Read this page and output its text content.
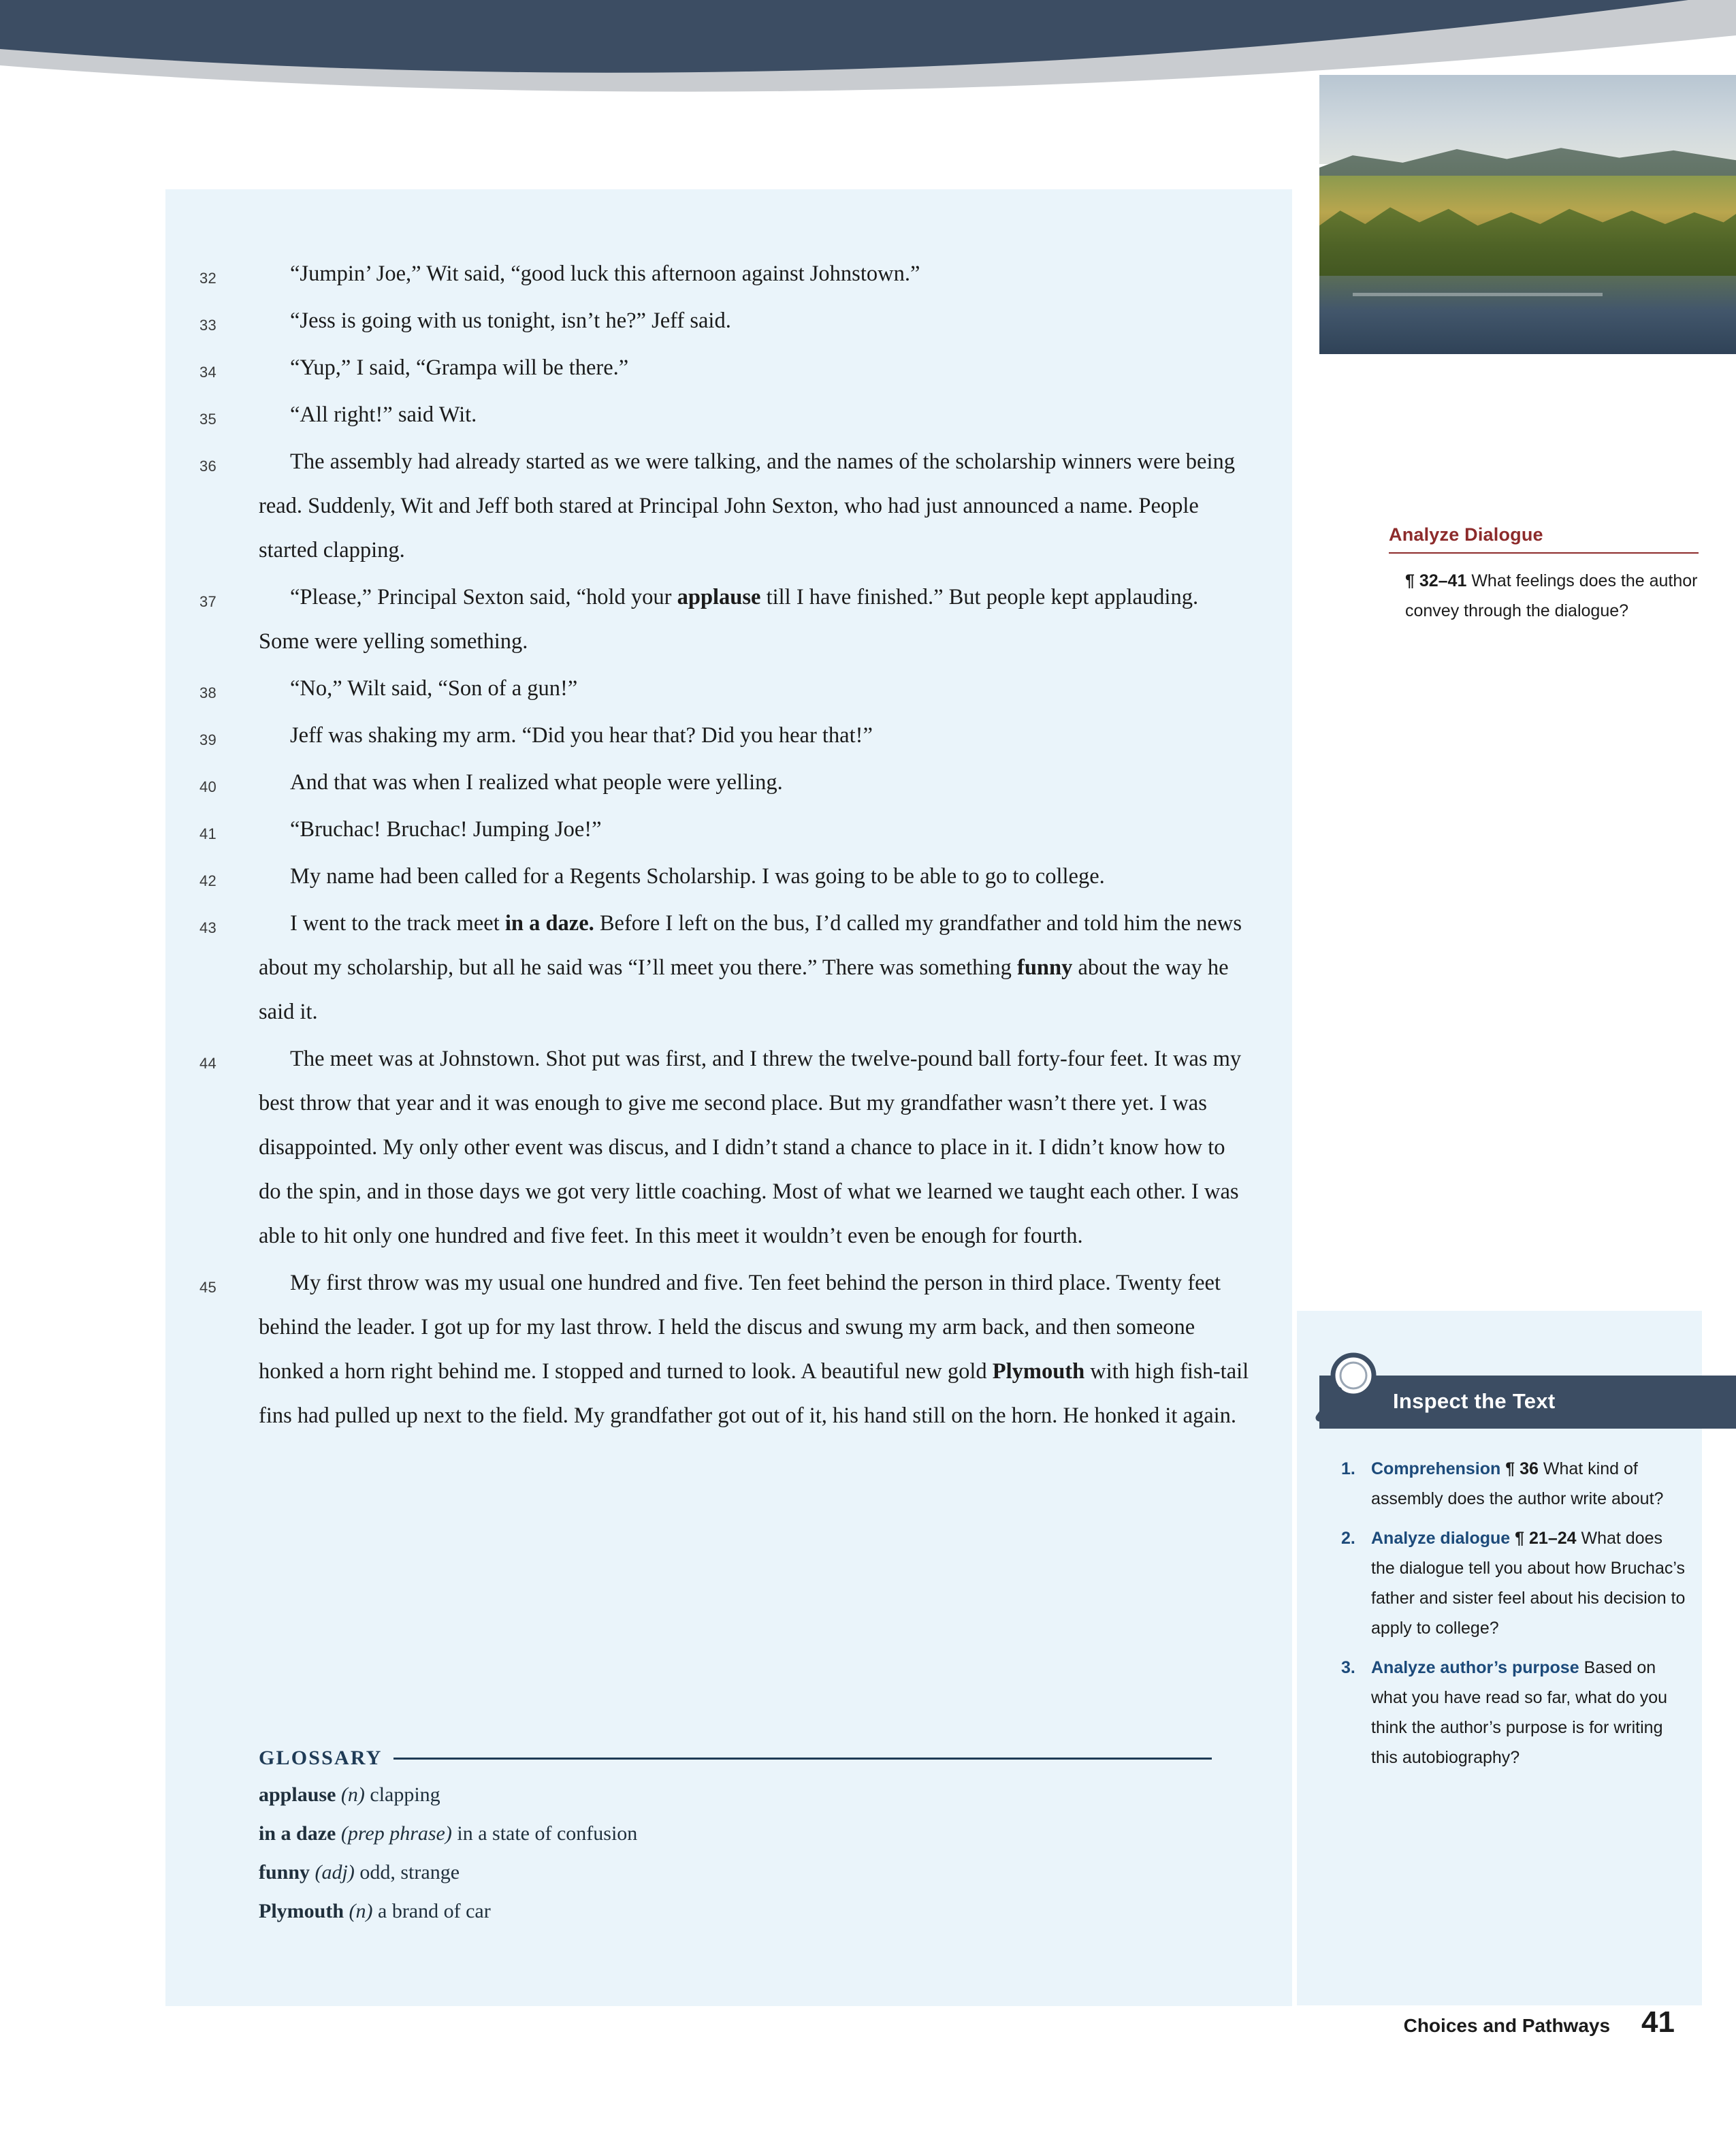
32	“Jumpin’ Joe,” Wit said, “good luck this afternoon against Johnstown.”
33	“Jess is going with us tonight, isn’t he?” Jeff said.
34	“Yup,” I said, “Grampa will be there.”
35	“All right!” said Wit.
36	The assembly had already started as we were talking, and the names of the scholarship winners were being read. Suddenly, Wit and Jeff both stared at Principal John Sexton, who had just announced a name. People started clapping.
37	“Please,” Principal Sexton said, “hold your applause till I have finished.” But people kept applauding. Some were yelling something.
38	“No,” Wilt said, “Son of a gun!”
39	Jeff was shaking my arm. “Did you hear that? Did you hear that!”
40	And that was when I realized what people were yelling.
41	“Bruchac! Bruchac! Jumping Joe!”
42	My name had been called for a Regents Scholarship. I was going to be able to go to college.
43	I went to the track meet in a daze. Before I left on the bus, I’d called my grandfather and told him the news about my scholarship, but all he said was “I’ll meet you there.” There was something funny about the way he said it.
44	The meet was at Johnstown. Shot put was first, and I threw the twelve-pound ball forty-four feet. It was my best throw that year and it was enough to give me second place. But my grandfather wasn’t there yet. I was disappointed. My only other event was discus, and I didn’t stand a chance to place in it. I didn’t know how to do the spin, and in those days we got very little coaching. Most of what we learned we taught each other. I was able to hit only one hundred and five feet. In this meet it wouldn’t even be enough for fourth.
45	My first throw was my usual one hundred and five. Ten feet behind the person in third place. Twenty feet behind the leader. I got up for my last throw. I held the discus and swung my arm back, and then someone honked a horn right behind me. I stopped and turned to look. A beautiful new gold Plymouth with high fish-tail fins had pulled up next to the field. My grandfather got out of it, his hand still on the horn. He honked it again.
GLOSSARY
applause (n) clapping
in a daze (prep phrase) in a state of confusion
funny (adj) odd, strange
Plymouth (n) a brand of car
Analyze Dialogue
¶ 32–41 What feelings does the author convey through the dialogue?
Inspect the Text
1. Comprehension ¶ 36 What kind of assembly does the author write about?
2. Analyze dialogue ¶ 21–24 What does the dialogue tell you about how Bruchac’s father and sister feel about his decision to apply to college?
3. Analyze author’s purpose Based on what you have read so far, what do you think the author’s purpose is for writing this autobiography?
Choices and Pathways 41
